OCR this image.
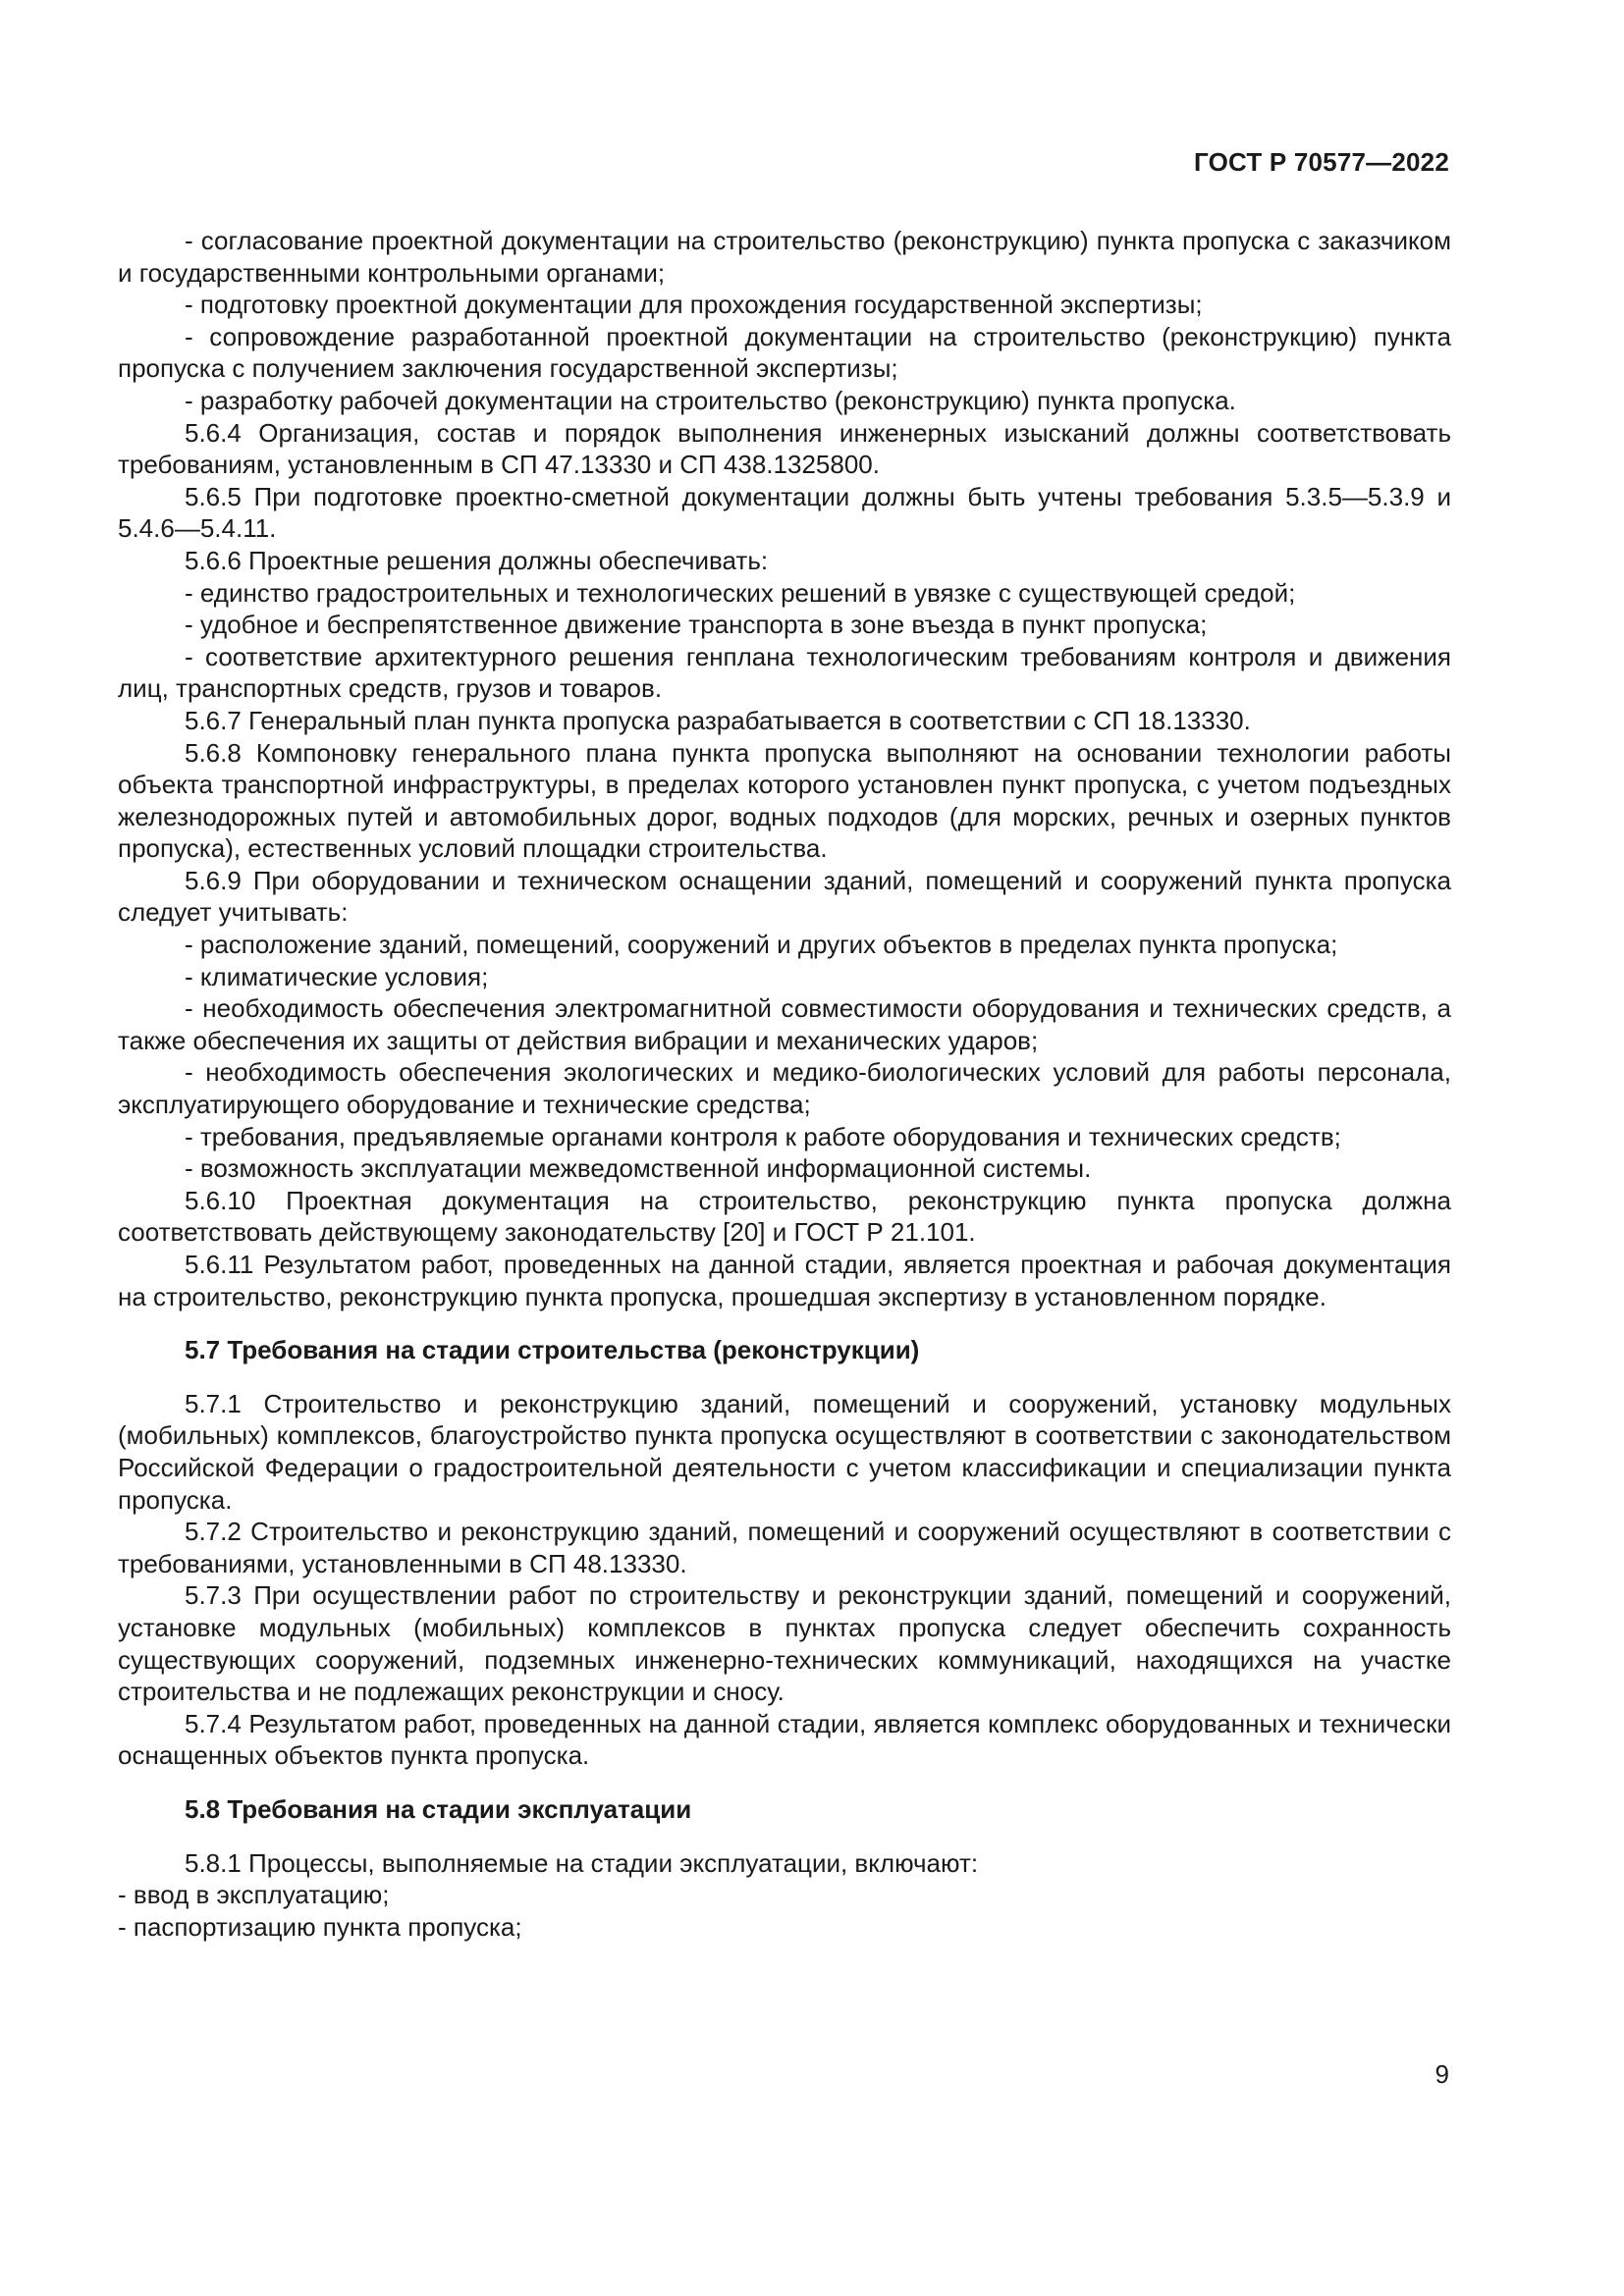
ГОСТ Р 70577—2022

- согласование проектной документации на строительство (реконструкцию) пункта пропуска с заказчиком и государственными контрольными органами;

- подготовку проектной документации для прохождения государственной экспертизы;

- сопровождение разработанной проектной документации на строительство (реконструкцию) пункта пропуска с получением заключения государственной экспертизы;

- разработку рабочей документации на строительство (реконструкцию) пункта пропуска.

5.6.4 Организация, состав и порядок выполнения инженерных изысканий должны соответствовать требованиям, установленным в СП 47.13330 и СП 438.1325800.

5.6.5 При подготовке проектно-сметной документации должны быть учтены требования 5.3.5—5.3.9 и 5.4.6—5.4.11.

5.6.6 Проектные решения должны обеспечивать:

- единство градостроительных и технологических решений в увязке с существующей средой;

- удобное и беспрепятственное движение транспорта в зоне въезда в пункт пропуска;

- соответствие архитектурного решения генплана технологическим требованиям контроля и движения лиц, транспортных средств, грузов и товаров.

5.6.7 Генеральный план пункта пропуска разрабатывается в соответствии с СП 18.13330.

5.6.8 Компоновку генерального плана пункта пропуска выполняют на основании технологии работы объекта транспортной инфраструктуры, в пределах которого установлен пункт пропуска, с учетом подъездных железнодорожных путей и автомобильных дорог, водных подходов (для морских, речных и озерных пунктов пропуска), естественных условий площадки строительства.

5.6.9 При оборудовании и техническом оснащении зданий, помещений и сооружений пункта пропуска следует учитывать:

- расположение зданий, помещений, сооружений и других объектов в пределах пункта пропуска;

- климатические условия;

- необходимость обеспечения электромагнитной совместимости оборудования и технических средств, а также обеспечения их защиты от действия вибрации и механических ударов;

- необходимость обеспечения экологических и медико-биологических условий для работы персонала, эксплуатирующего оборудование и технические средства;

- требования, предъявляемые органами контроля к работе оборудования и технических средств;

- возможность эксплуатации межведомственной информационной системы.

5.6.10 Проектная документация на строительство, реконструкцию пункта пропуска должна соответствовать действующему законодательству [20] и ГОСТ Р 21.101.

5.6.11 Результатом работ, проведенных на данной стадии, является проектная и рабочая документация на строительство, реконструкцию пункта пропуска, прошедшая экспертизу в установленном порядке.

5.7 Требования на стадии строительства (реконструкции)

5.7.1 Строительство и реконструкцию зданий, помещений и сооружений, установку модульных (мобильных) комплексов, благоустройство пункта пропуска осуществляют в соответствии с законодательством Российской Федерации о градостроительной деятельности с учетом классификации и специализации пункта пропуска.

5.7.2 Строительство и реконструкцию зданий, помещений и сооружений осуществляют в соответствии с требованиями, установленными в СП 48.13330.

5.7.3 При осуществлении работ по строительству и реконструкции зданий, помещений и сооружений, установке модульных (мобильных) комплексов в пунктах пропуска следует обеспечить сохранность существующих сооружений, подземных инженерно-технических коммуникаций, находящихся на участке строительства и не подлежащих реконструкции и сносу.

5.7.4 Результатом работ, проведенных на данной стадии, является комплекс оборудованных и технически оснащенных объектов пункта пропуска.

5.8 Требования на стадии эксплуатации

5.8.1 Процессы, выполняемые на стадии эксплуатации, включают:

- ввод в эксплуатацию;

- паспортизацию пункта пропуска;

9
